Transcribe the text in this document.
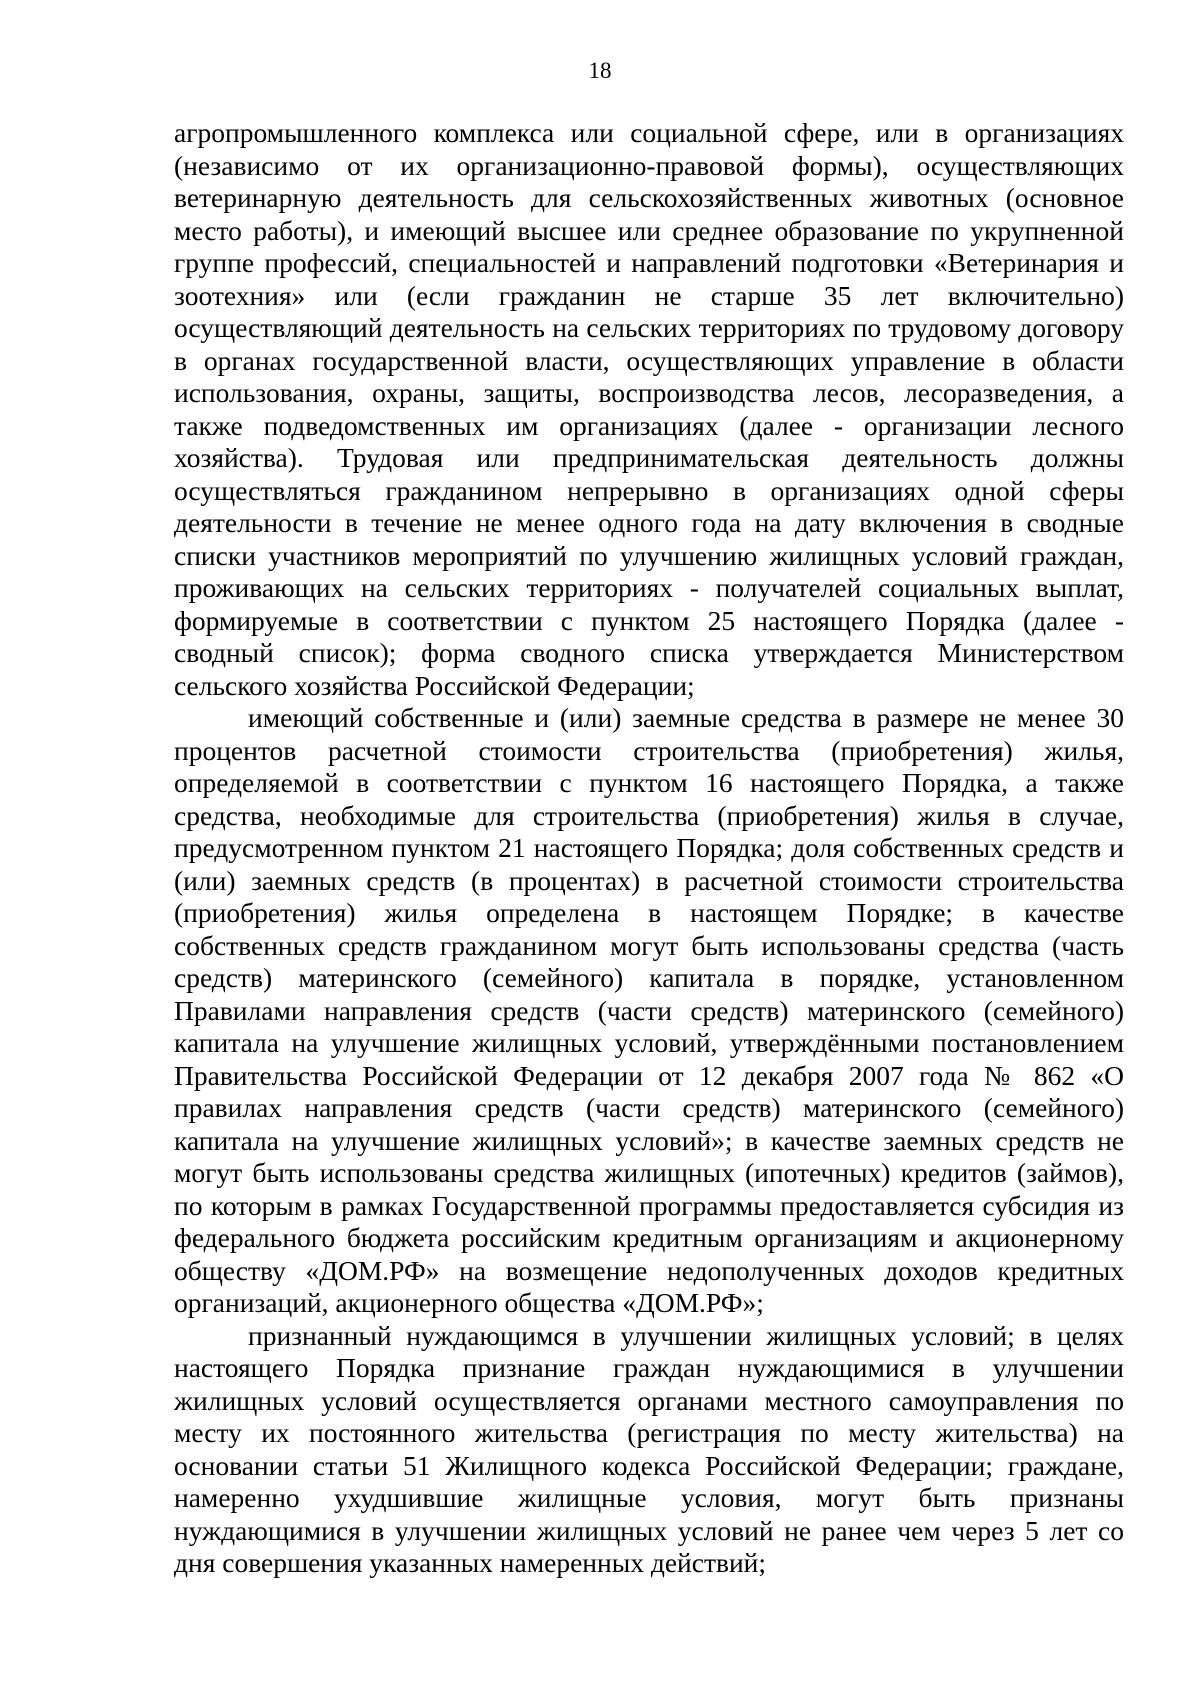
18

агропромышленного комплекса или социальной сфере, или в организациях (независимо от их организационно-правовой формы), осуществляющих ветеринарную деятельность для сельскохозяйственных животных (основное место работы), и имеющий высшее или среднее образование по укрупненной группе профессий, специальностей и направлений подготовки «Ветеринария и зоотехния» или (если гражданин не старше 35 лет включительно) осуществляющий деятельность на сельских территориях по трудовому договору в органах государственной власти, осуществляющих управление в области использования, охраны, защиты, воспроизводства лесов, лесоразведения, а также подведомственных им организациях (далее - организации лесного хозяйства). Трудовая или предпринимательская деятельность должны осуществляться гражданином непрерывно в организациях одной сферы деятельности в течение не менее одного года на дату включения в сводные списки участников мероприятий по улучшению жилищных условий граждан, проживающих на сельских территориях - получателей социальных выплат, формируемые в соответствии с пунктом 25 настоящего Порядка (далее - сводный список); форма сводного списка утверждается Министерством сельского хозяйства Российской Федерации;

имеющий собственные и (или) заемные средства в размере не менее 30 процентов расчетной стоимости строительства (приобретения) жилья, определяемой в соответствии с пунктом 16 настоящего Порядка, а также средства, необходимые для строительства (приобретения) жилья в случае, предусмотренном пунктом 21 настоящего Порядка; доля собственных средств и (или) заемных средств (в процентах) в расчетной стоимости строительства (приобретения) жилья определена в настоящем Порядке; в качестве собственных средств гражданином могут быть использованы средства (часть средств) материнского (семейного) капитала в порядке, установленном Правилами направления средств (части средств) материнского (семейного) капитала на улучшение жилищных условий, утверждёнными постановлением Правительства Российской Федерации от 12 декабря 2007 года № 862 «О правилах направления средств (части средств) материнского (семейного) капитала на улучшение жилищных условий»; в качестве заемных средств не могут быть использованы средства жилищных (ипотечных) кредитов (займов), по которым в рамках Государственной программы предоставляется субсидия из федерального бюджета российским кредитным организациям и акционерному обществу «ДОМ.РФ» на возмещение недополученных доходов кредитных организаций, акционерного общества «ДОМ.РФ»;

признанный нуждающимся в улучшении жилищных условий; в целях настоящего Порядка признание граждан нуждающимися в улучшении жилищных условий осуществляется органами местного самоуправления по месту их постоянного жительства (регистрация по месту жительства) на основании статьи 51 Жилищного кодекса Российской Федерации; граждане, намеренно ухудшившие жилищные условия, могут быть признаны нуждающимися в улучшении жилищных условий не ранее чем через 5 лет со дня совершения указанных намеренных действий;
